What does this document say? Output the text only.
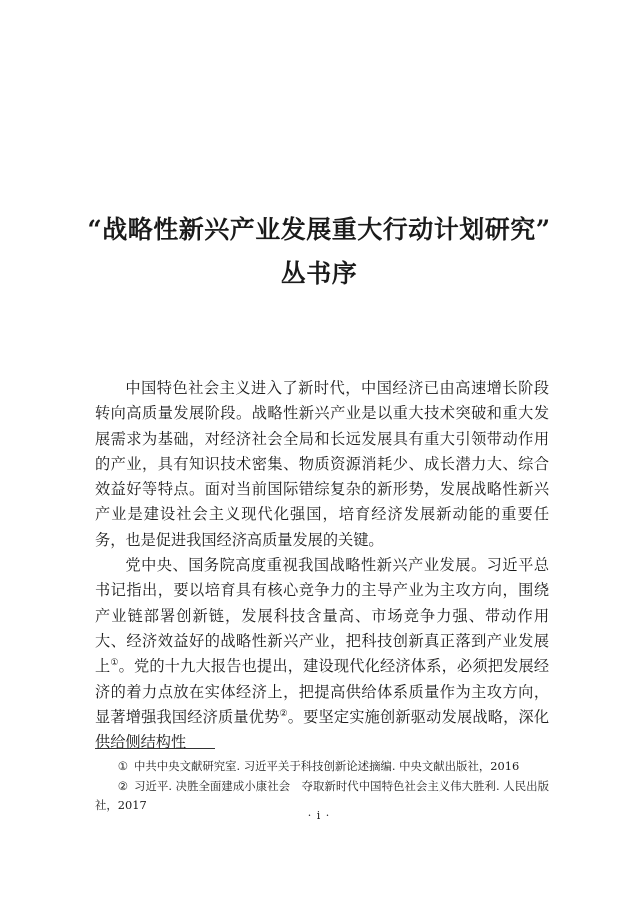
“战略性新兴产业发展重大行动计划研究”
丛书序

中国特色社会主义进入了新时代，中国经济已由高速增长阶段转向高质量发展阶段。战略性新兴产业是以重大技术突破和重大发展需求为基础，对经济社会全局和长远发展具有重大引领带动作用的产业，具有知识技术密集、物质资源消耗少、成长潜力大、综合效益好等特点。面对当前国际错综复杂的新形势，发展战略性新兴产业是建设社会主义现代化强国，培育经济发展新动能的重要任务，也是促进我国经济高质量发展的关键。

党中央、国务院高度重视我国战略性新兴产业发展。习近平总书记指出，要以培育具有核心竞争力的主导产业为主攻方向，围绕产业链部署创新链，发展科技含量高、市场竞争力强、带动作用大、经济效益好的战略性新兴产业，把科技创新真正落到产业发展上①。党的十九大报告也提出，建设现代化经济体系，必须把发展经济的着力点放在实体经济上，把提高供给体系质量作为主攻方向，显著增强我国经济质量优势②。要坚定实施创新驱动发展战略，深化供给侧结构性

① 中共中央文献研究室. 习近平关于科技创新论述摘编. 中央文献出版社，2016

② 习近平. 决胜全面建成小康社会　夺取新时代中国特色社会主义伟大胜利. 人民出版社，2017

· i ·
